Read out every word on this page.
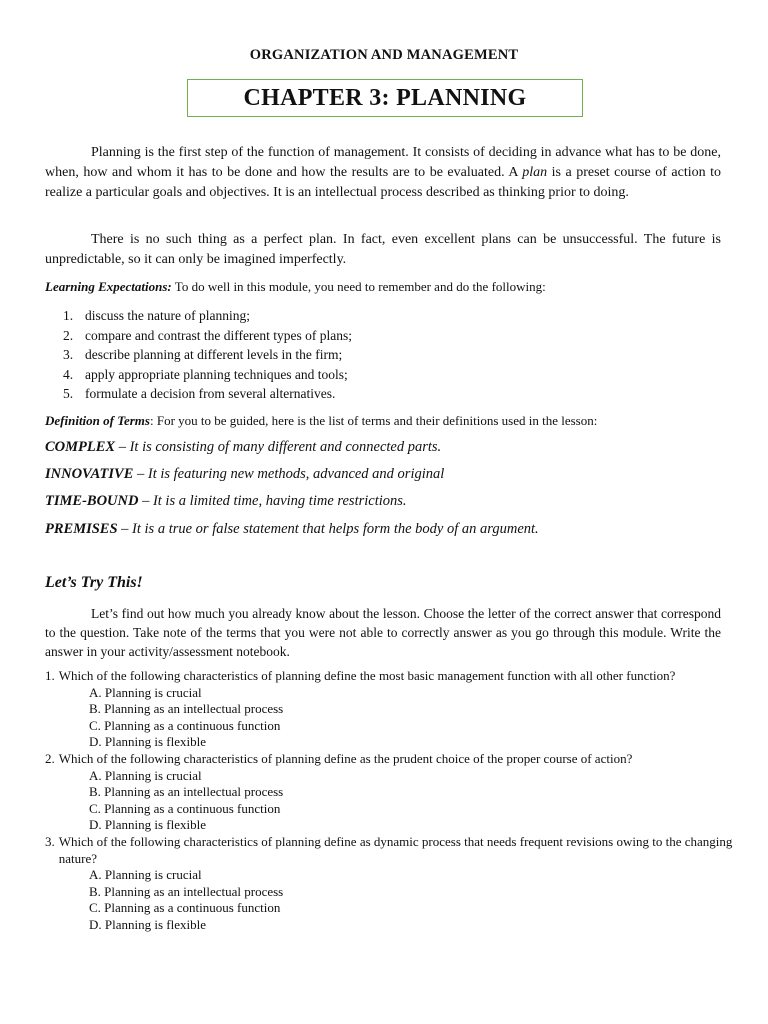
ORGANIZATION AND MANAGEMENT
CHAPTER 3: PLANNING

Planning is the first step of the function of management. It consists of deciding in advance what has to be done, when, how and whom it has to be done and how the results are to be evaluated. A plan is a preset course of action to realize a particular goals and objectives. It is an intellectual process described as thinking prior to doing.

There is no such thing as a perfect plan. In fact, even excellent plans can be unsuccessful. The future is unpredictable, so it can only be imagined imperfectly.

Learning Expectations: To do well in this module, you need to remember and do the following:

1. discuss the nature of planning;
2. compare and contrast the different types of plans;
3. describe planning at different levels in the firm;
4. apply appropriate planning techniques and tools;
5. formulate a decision from several alternatives.

Definition of Terms: For you to be guided, here is the list of terms and their definitions used in the lesson:

COMPLEX – It is consisting of many different and connected parts.

INNOVATIVE – It is featuring new methods, advanced and original

TIME-BOUND – It is a limited time, having time restrictions.

PREMISES – It is a true or false statement that helps form the body of an argument.

Let’s Try This!

Let’s find out how much you already know about the lesson. Choose the letter of the correct answer that correspond to the question. Take note of the terms that you were not able to correctly answer as you go through this module. Write the answer in your activity/assessment notebook.

1. Which of the following characteristics of planning define the most basic management function with all other function?

A. Planning is crucial

B. Planning as an intellectual process

C. Planning as a continuous function

D. Planning is flexible

2. Which of the following characteristics of planning define as the prudent choice of the proper course of action?

A. Planning is crucial

B. Planning as an intellectual process

C. Planning as a continuous function

D. Planning is flexible

3. Which of the following characteristics of planning define as dynamic process that needs frequent revisions owing to the changing nature?

A. Planning is crucial

B. Planning as an intellectual process

C. Planning as a continuous function

D. Planning is flexible
